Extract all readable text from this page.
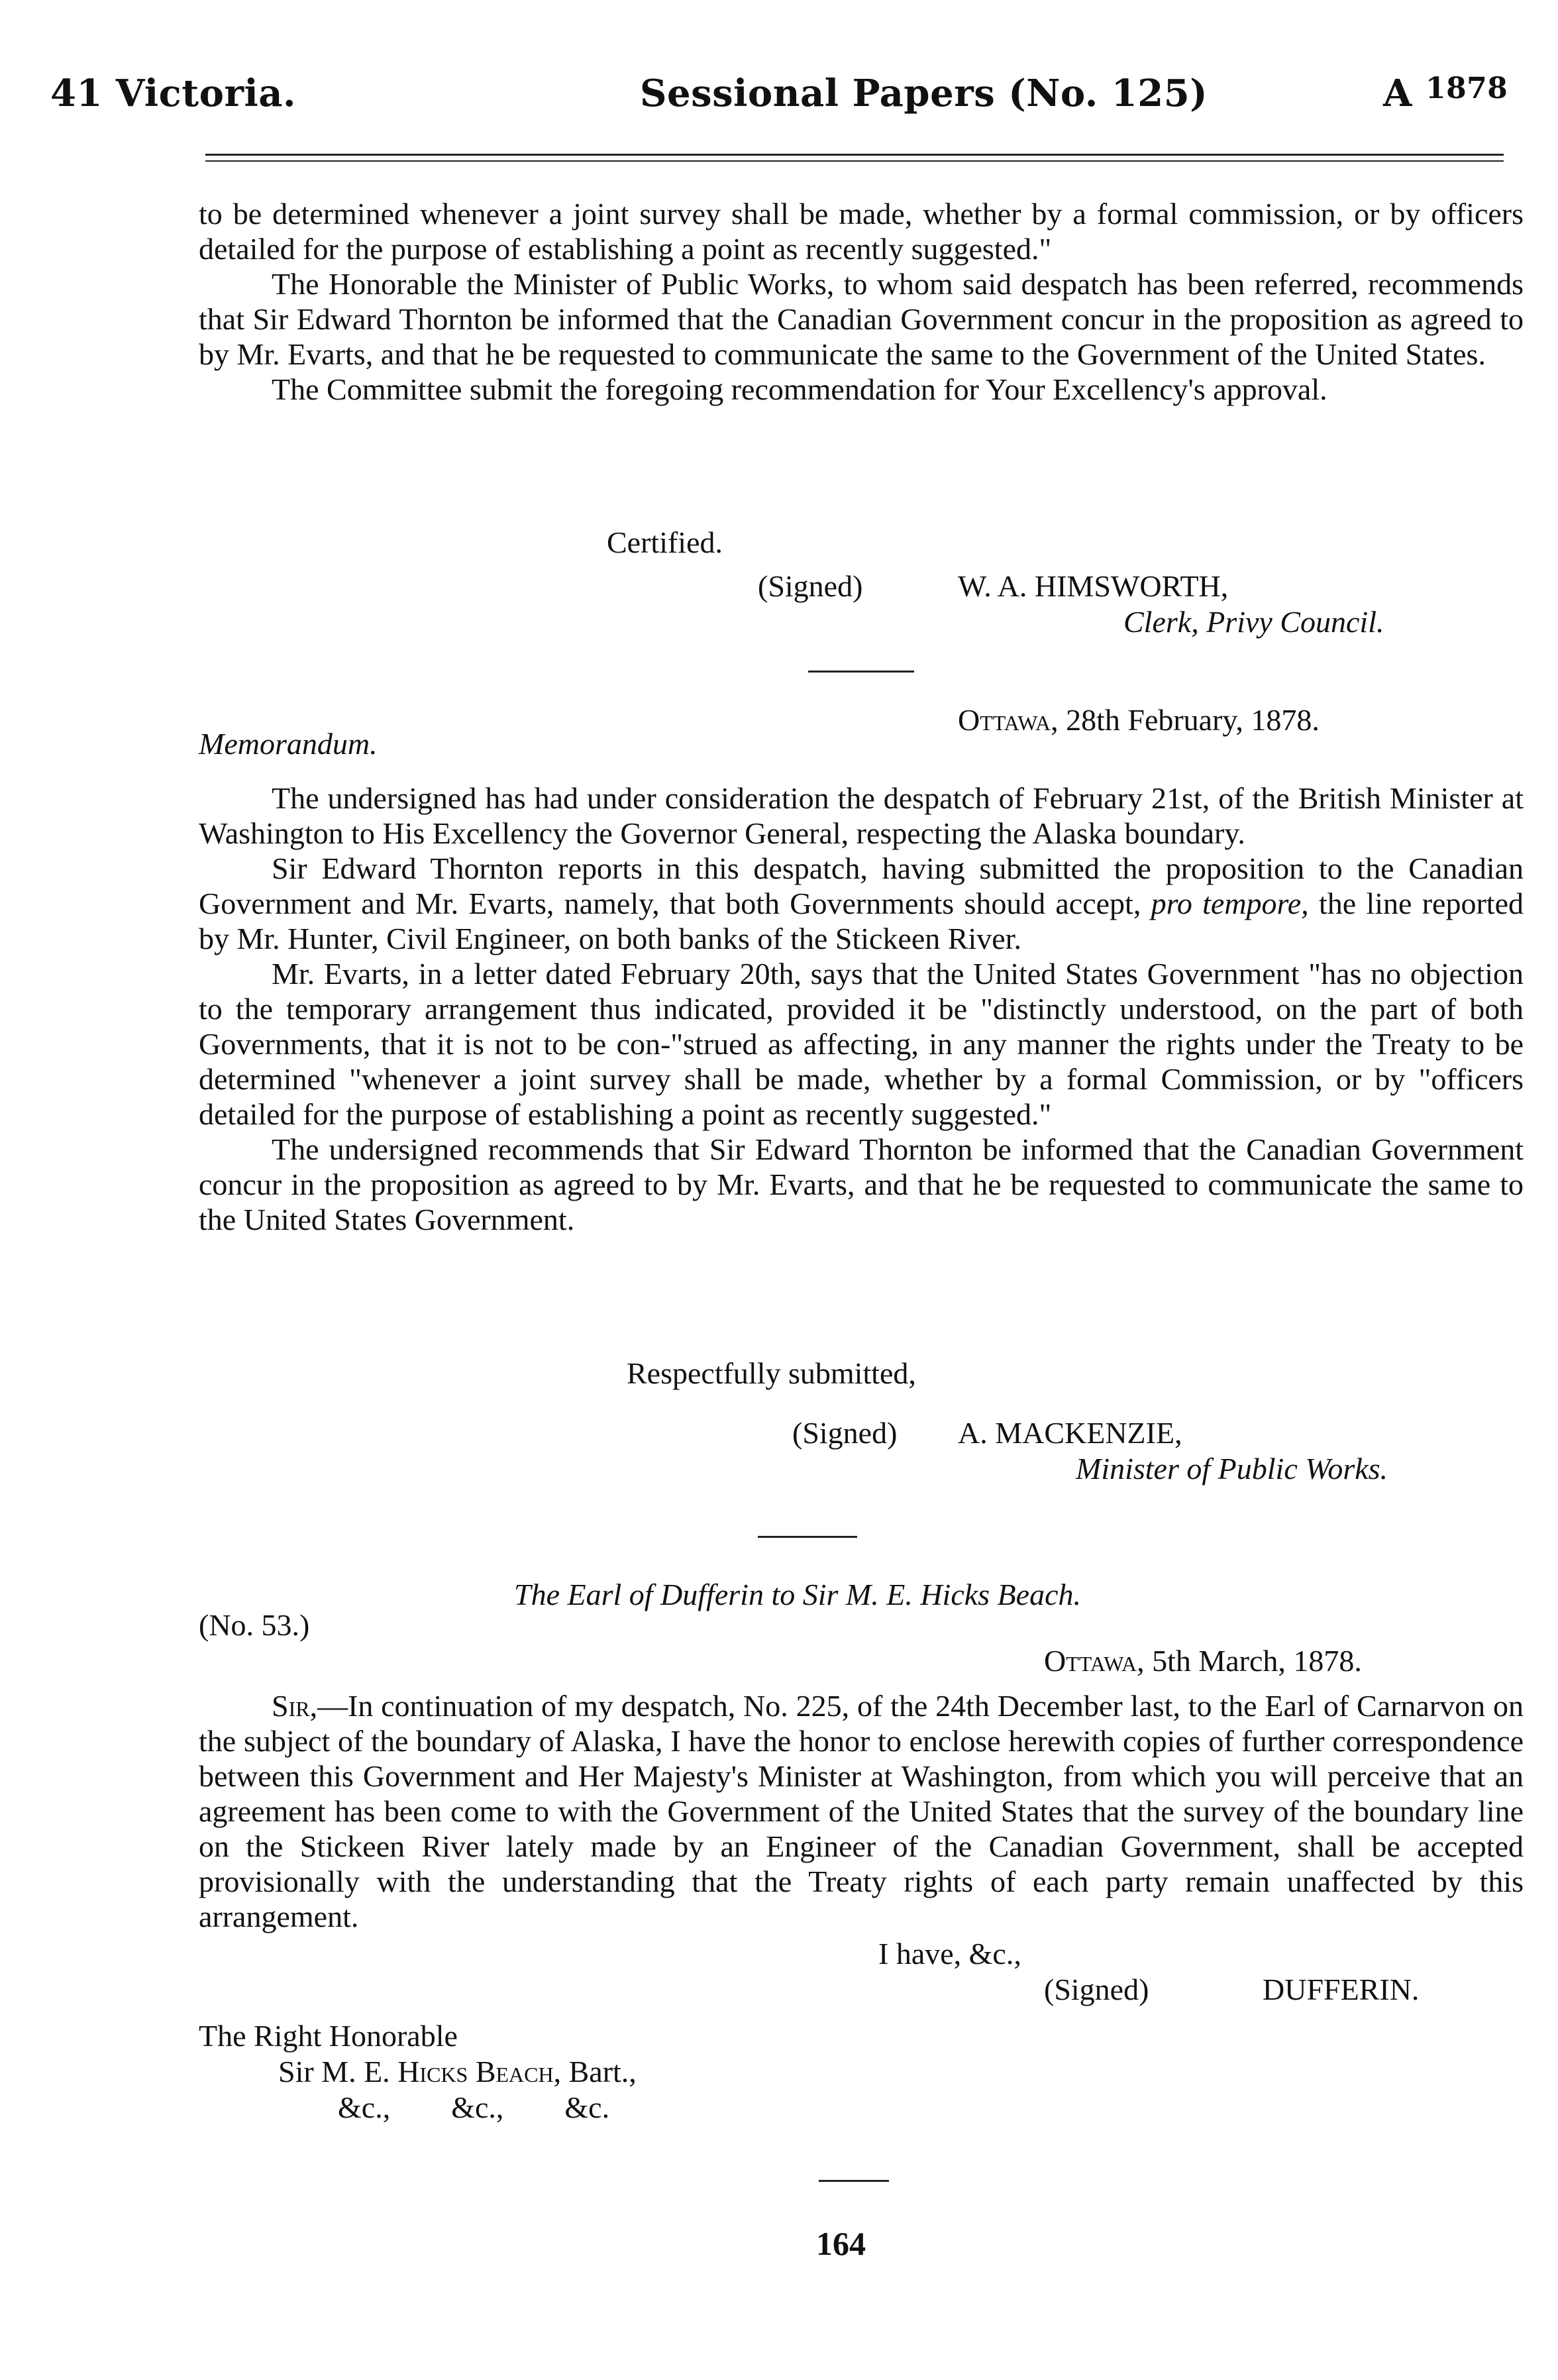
41 Victoria.	Sessional Papers (No. 125)	A $^{1878}$

to be determined whenever a joint survey shall be made, whether by a formal commission, or by officers detailed for the purpose of establishing a point as recently suggested."

The Honorable the Minister of Public Works, to whom said despatch has been referred, recommends that Sir Edward Thornton be informed that the Canadian Government concur in the proposition as agreed to by Mr. Evarts, and that he be requested to communicate the same to the Government of the United States.

The Committee submit the foregoing recommendation for Your Excellency's approval.

Certified.
(Signed)	W. A. HIMSWORTH,
Clerk, Privy Council.
Ottawa, 28th February, 1878.
Memorandum.

The undersigned has had under consideration the despatch of February 21st, of the British Minister at Washington to His Excellency the Governor General, respecting the Alaska boundary.

Sir Edward Thornton reports in this despatch, having submitted the proposition to the Canadian Government and Mr. Evarts, namely, that both Governments should accept, pro tempore, the line reported by Mr. Hunter, Civil Engineer, on both banks of the Stickeen River.

Mr. Evarts, in a letter dated February 20th, says that the United States Government "has no objection to the temporary arrangement thus indicated, provided it be "distinctly understood, on the part of both Governments, that it is not to be con-"strued as affecting, in any manner the rights under the Treaty to be determined "whenever a joint survey shall be made, whether by a formal Commission, or by "officers detailed for the purpose of establishing a point as recently suggested."

The undersigned recommends that Sir Edward Thornton be informed that the Canadian Government concur in the proposition as agreed to by Mr. Evarts, and that he be requested to communicate the same to the United States Government.

Respectfully submitted,
(Signed) A. MACKENZIE,
Minister of Public Works.
The Earl of Dufferin to Sir M. E. Hicks Beach.
(No. 53.)
Ottawa, 5th March, 1878.

Sir,—In continuation of my despatch, No. 225, of the 24th December last, to the Earl of Carnarvon on the subject of the boundary of Alaska, I have the honor to enclose herewith copies of further correspondence between this Government and Her Majesty's Minister at Washington, from which you will perceive that an agreement has been come to with the Government of the United States that the survey of the boundary line on the Stickeen River lately made by an Engineer of the Canadian Government, shall be accepted provisionally with the understanding that the Treaty rights of each party remain unaffected by this arrangement.

I have, &c.,
(Signed)	DUFFERIN.
The Right Honorable
Sir M. E. Hicks Beach, Bart.,
&c.,        &c.,        &c.
164
